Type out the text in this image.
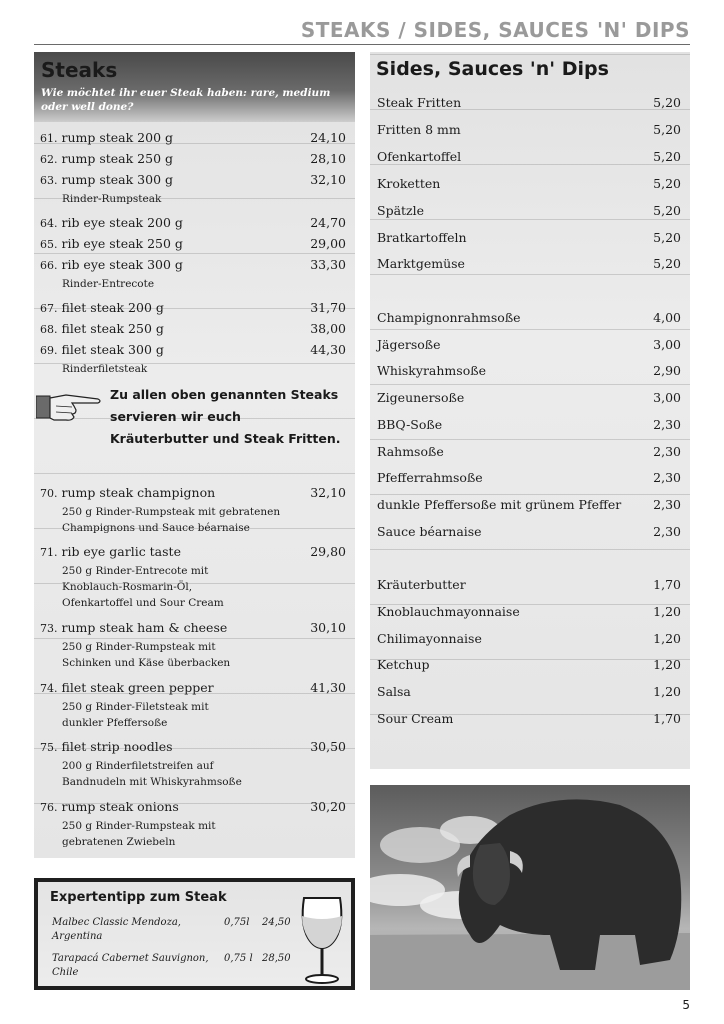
STEAKS / SIDES, SAUCES 'N' DIPS
Steaks
Wie möchtet ihr euer Steak haben: rare, medium oder well done?
61. rump steak 200 g	24,10
62. rump steak 250 g	28,10
63. rump steak 300 g	32,10
Rinder-Rumpsteak
64. rib eye steak 200 g	24,70
65. rib eye steak 250 g	29,00
66. rib eye steak 300 g	33,30
Rinder-Entrecote
67. filet steak 200 g	31,70
68. filet steak 250 g	38,00
69. filet steak 300 g	44,30
Rinderfiletsteak
Zu allen oben genannten Steaks
servieren wir euch
Kräuterbutter und Steak Fritten.
70. rump steak champignon	32,10
250 g Rinder-Rumpsteak mit gebratenen
Champignons und Sauce béarnaise
71. rib eye garlic taste	29,80
250 g Rinder-Entrecote mit
Knoblauch-Rosmarin-Öl,
Ofenkartoffel und Sour Cream
73. rump steak ham & cheese	30,10
250 g Rinder-Rumpsteak mit
Schinken und Käse überbacken
74. filet steak green pepper	41,30
250 g Rinder-Filetsteak mit
dunkler Pfeffersoße
75. filet strip noodles	30,50
200 g Rinderfiletstreifen auf
Bandnudeln mit Whiskyrahmsoße
76. rump steak onions	30,20
250 g Rinder-Rumpsteak mit
gebratenen Zwiebeln
Sides, Sauces 'n' Dips
Steak Fritten	5,20
Fritten 8 mm	5,20
Ofenkartoffel	5,20
Kroketten	5,20
Spätzle	5,20
Bratkartoffeln	5,20
Marktgemüse	5,20
Champignonrahmsoße	4,00
Jägersoße	3,00
Whiskyrahmsoße	2,90
Zigeunersoße	3,00
BBQ-Soße	2,30
Rahmsoße	2,30
Pfefferrahmsoße	2,30
dunkle Pfeffersoße mit grünem Pfeffer	2,30
Sauce béarnaise	2,30
Kräuterbutter	1,70
Knoblauchmayonnaise	1,20
Chilimayonnaise	1,20
Ketchup	1,20
Salsa	1,20
Sour Cream	1,70
Expertentipp zum Steak
Malbec Classic Mendoza,
Argentina
0,75l 24,50
Tarapacá Cabernet Sauvignon,
Chile
0,75 l 28,50
5
